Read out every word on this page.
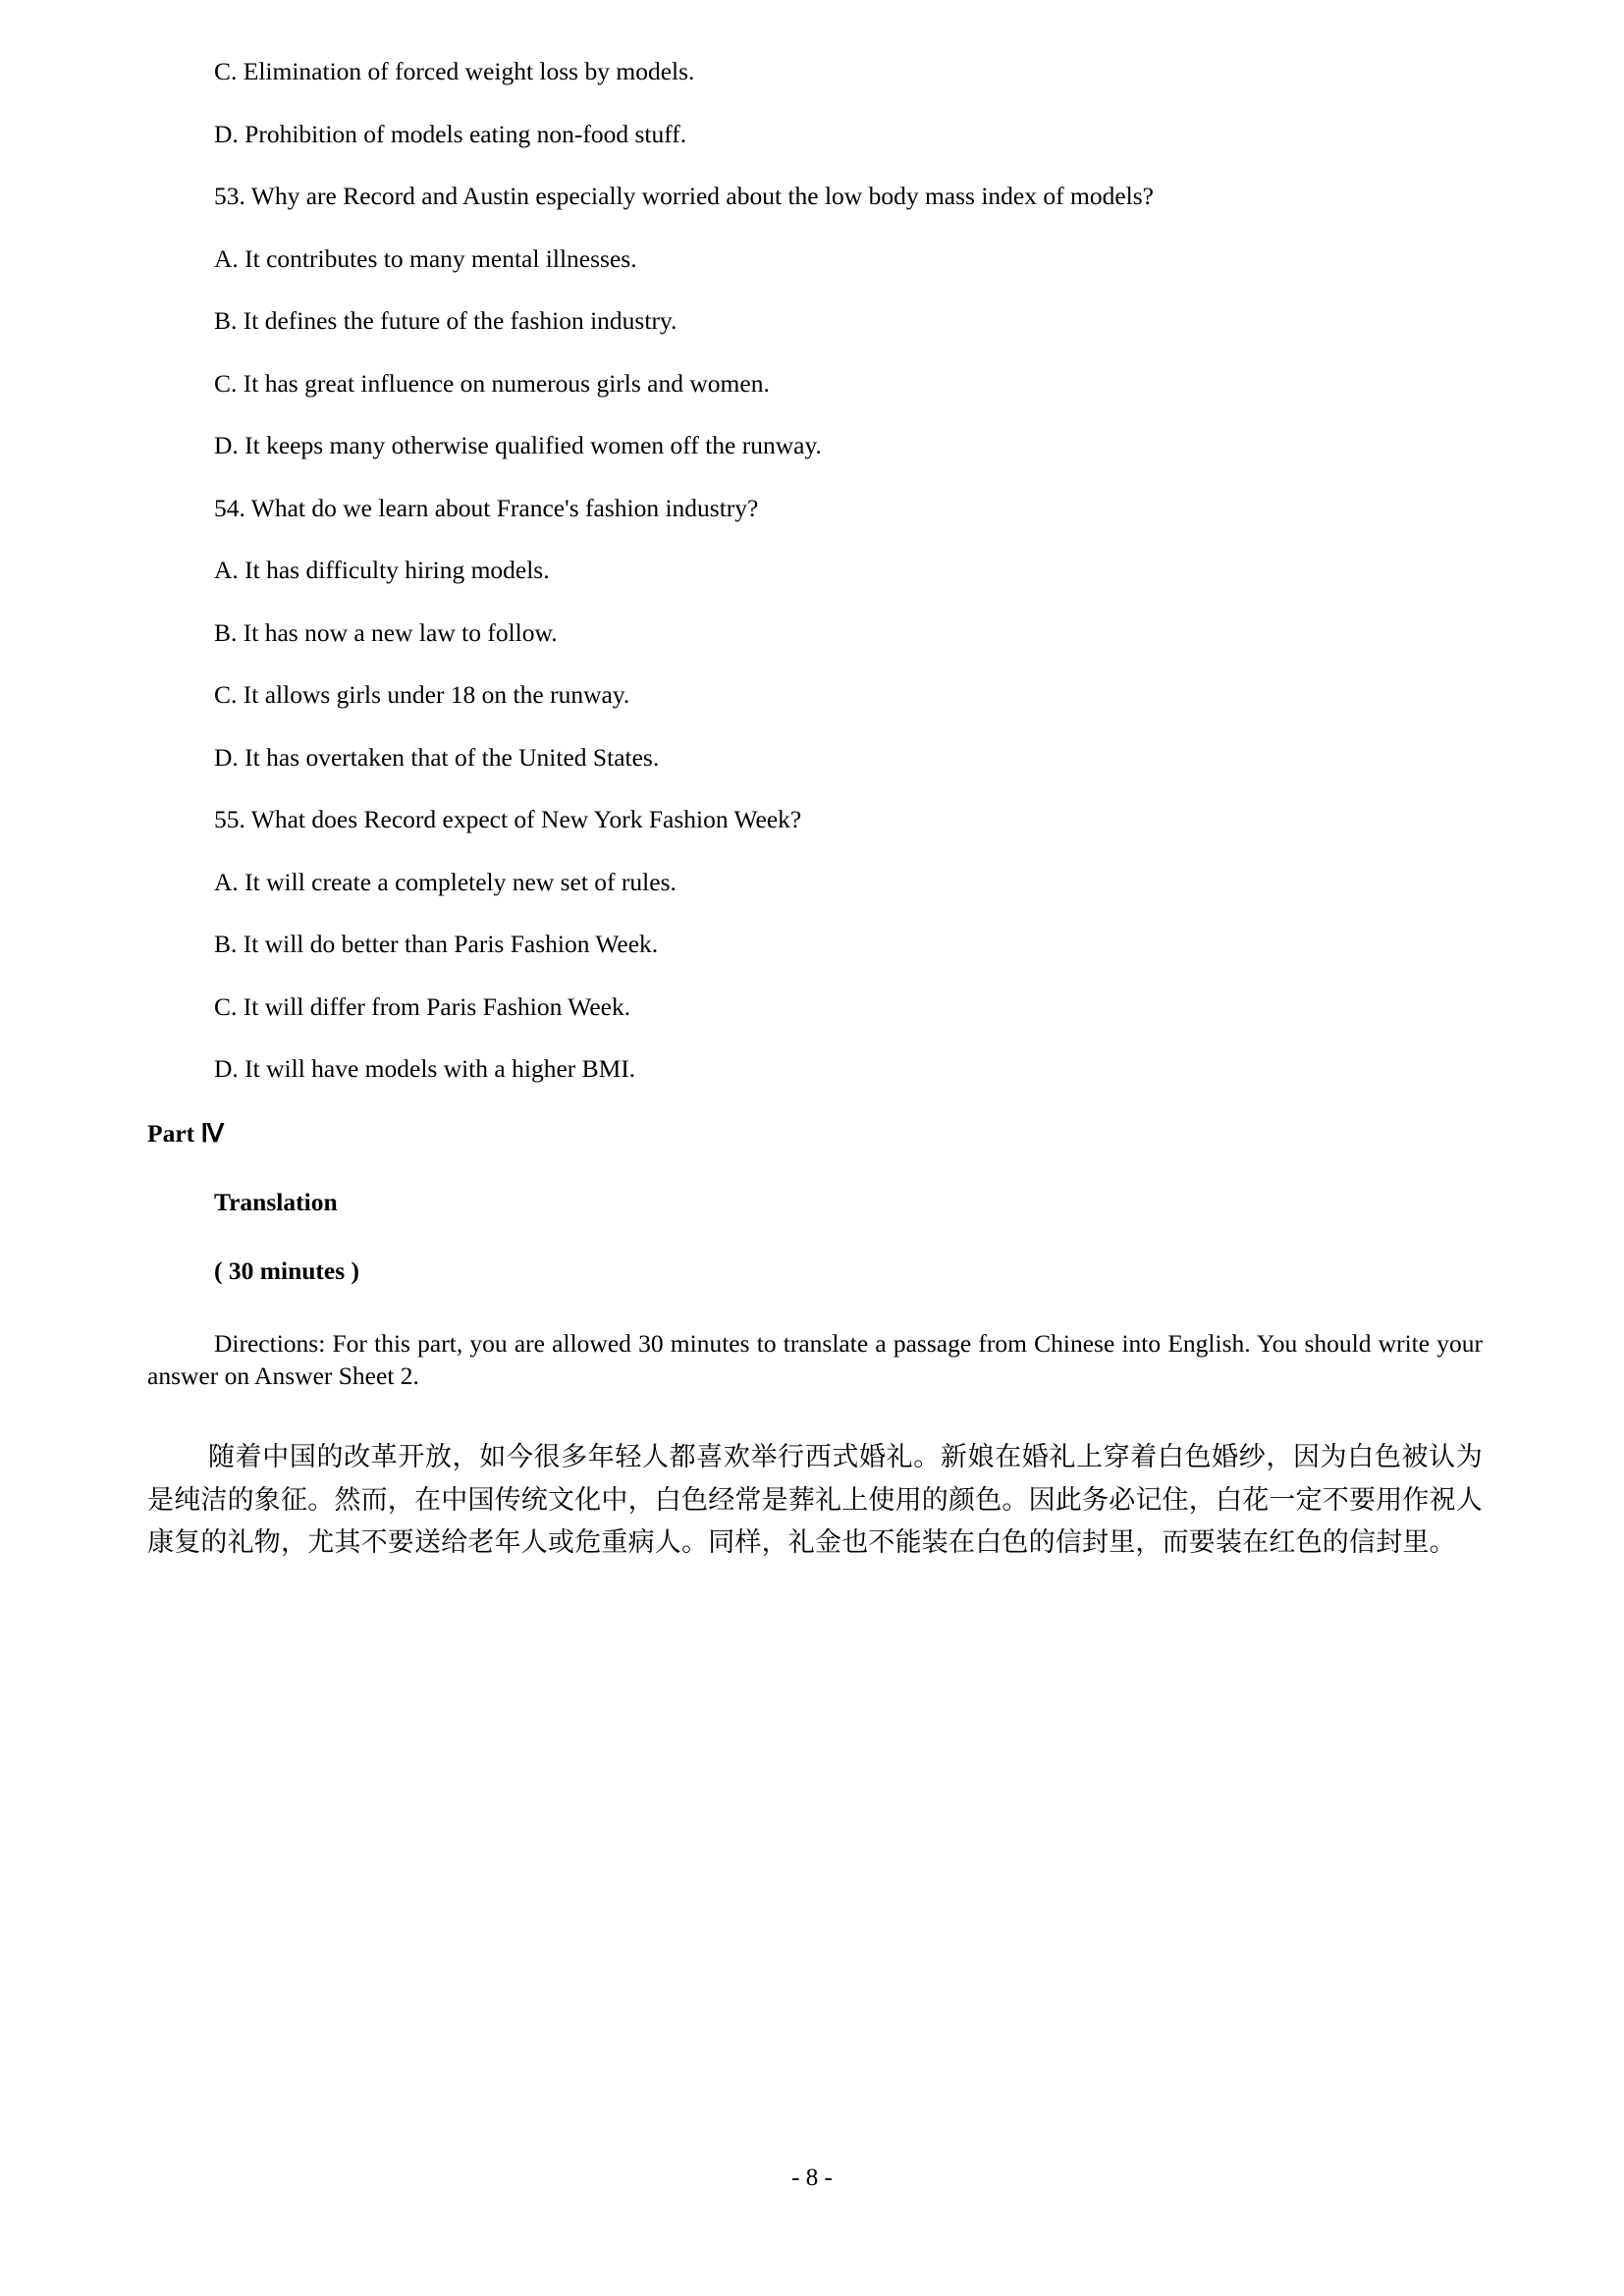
C. Elimination of forced weight loss by models.

D. Prohibition of models eating non-food stuff.

53. Why are Record and Austin especially worried about the low body mass index of models?

A. It contributes to many mental illnesses.

B. It defines the future of the fashion industry.

C. It has great influence on numerous girls and women.

D. It keeps many otherwise qualified women off the runway.

54. What do we learn about France's fashion industry?

A. It has difficulty hiring models.

B. It has now a new law to follow.

C. It allows girls under 18 on the runway.

D. It has overtaken that of the United States.

55. What does Record expect of New York Fashion Week?

A. It will create a completely new set of rules.

B. It will do better than Paris Fashion Week.

C. It will differ from Paris Fashion Week.

D. It will have models with a higher BMI.

Part Ⅳ

Translation

( 30 minutes )

Directions: For this part, you are allowed 30 minutes to translate a passage from Chinese into English. You should write your answer on Answer Sheet 2.

随着中国的改革开放，如今很多年轻人都喜欢举行西式婚礼。新娘在婚礼上穿着白色婚纱，因为白色被认为是纯洁的象征。然而，在中国传统文化中，白色经常是葬礼上使用的颜色。因此务必记住，白花一定不要用作祝人康复的礼物，尤其不要送给老年人或危重病人。同样，礼金也不能装在白色的信封里，而要装在红色的信封里。

- 8 -
